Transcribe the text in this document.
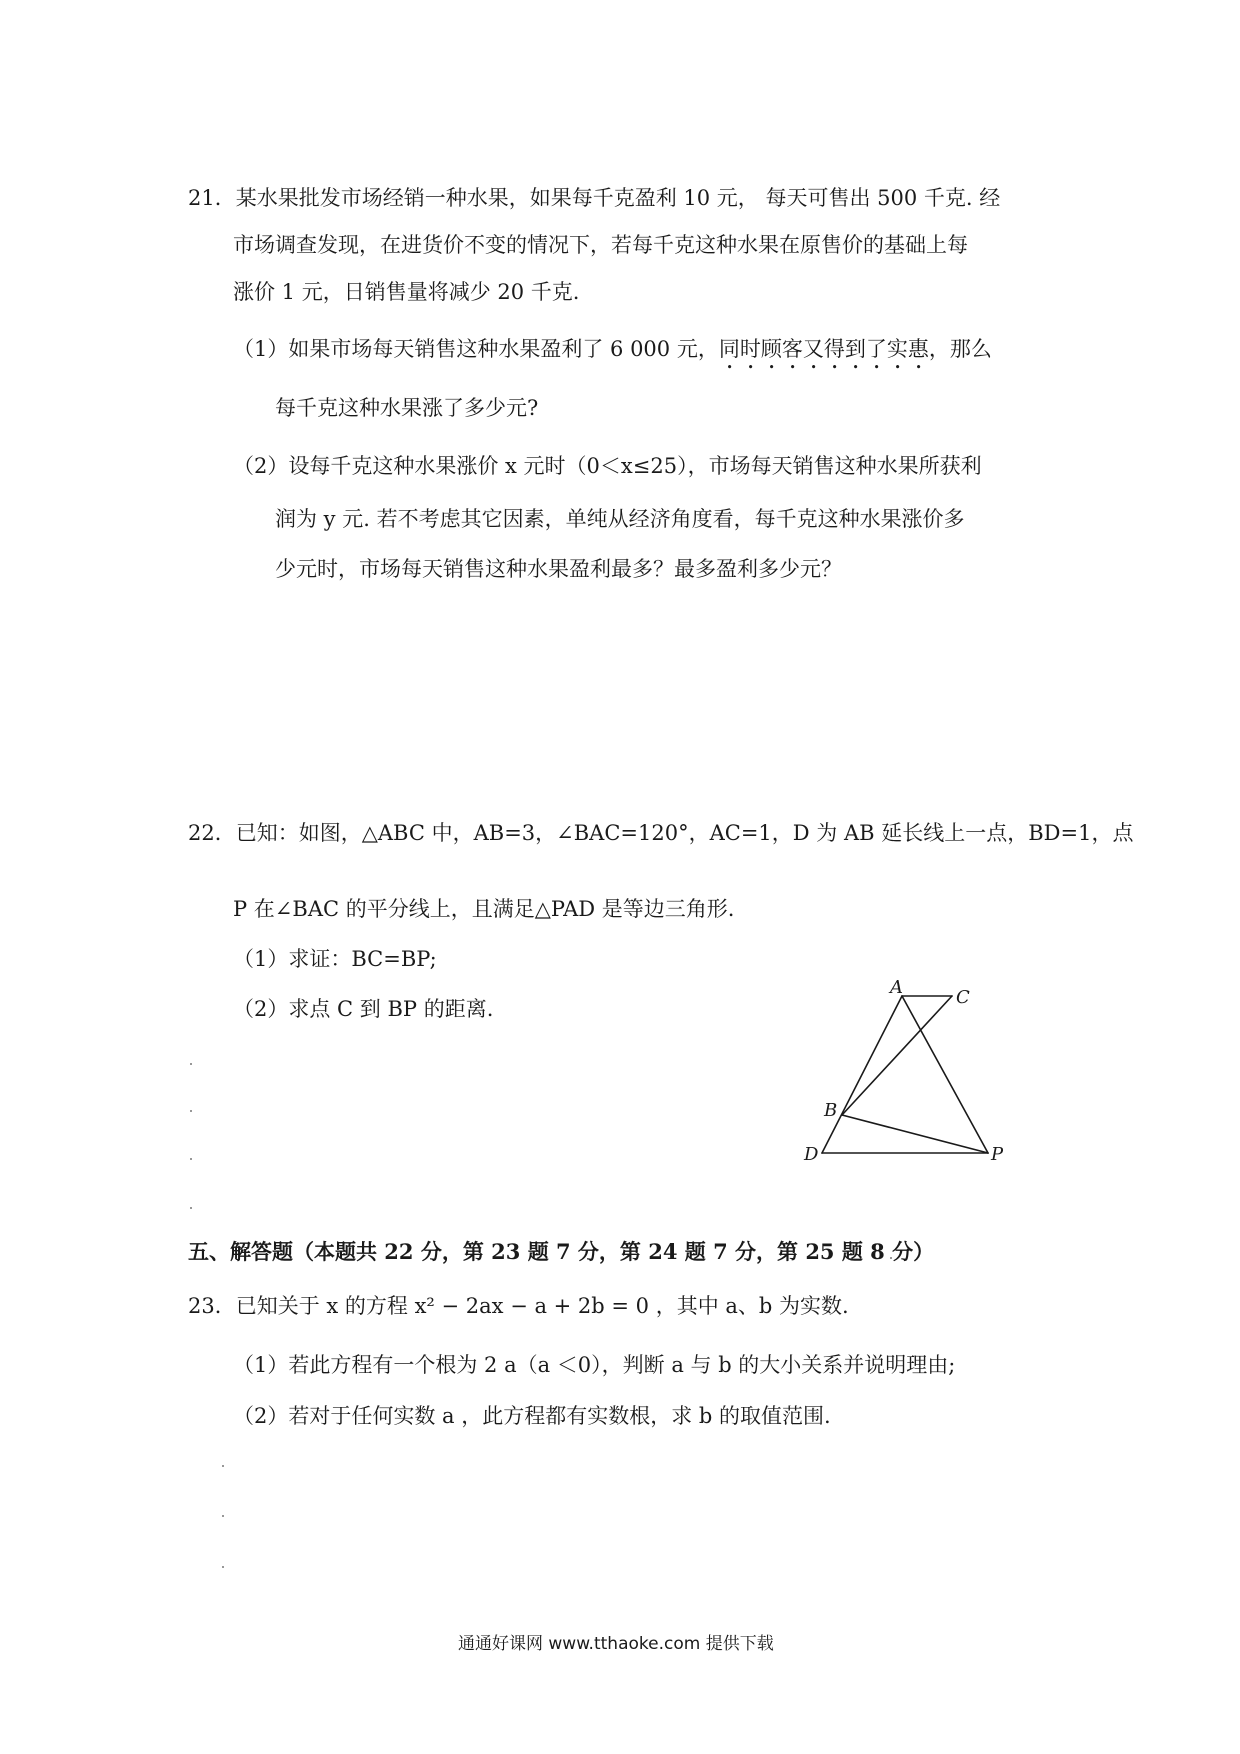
21．某水果批发市场经销一种水果，如果每千克盈利 10 元， 每天可售出 500 千克. 经
市场调查发现，在进货价不变的情况下，若每千克这种水果在原售价的基础上每
涨价 1 元，日销售量将减少 20 千克.
（1）如果市场每天销售这种水果盈利了 6 000 元，同时顾客又得到了实惠，那么
每千克这种水果涨了多少元?
（2）设每千克这种水果涨价 x 元时（0＜x≤25），市场每天销售这种水果所获利
润为 y 元. 若不考虑其它因素，单纯从经济角度看，每千克这种水果涨价多
少元时，市场每天销售这种水果盈利最多？最多盈利多少元？
22．已知：如图，△ABC 中，AB=3，∠BAC=120°，AC=1，D 为 AB 延长线上一点，BD=1，点
P 在∠BAC 的平分线上，且满足△PAD 是等边三角形.
（1）求证：BC=BP;
（2）求点 C 到 BP 的距离.
A	C
B
D	P
五、解答题（本题共 22 分，第 23 题 7 分，第 24 题 7 分，第 25 题 8 分）
23．已知关于 x 的方程 x² − 2ax − a + 2b = 0 ，其中 a、b 为实数.
（1）若此方程有一个根为 2 a（a ＜0），判断 a 与 b 的大小关系并说明理由;
（2）若对于任何实数 a ，此方程都有实数根，求 b 的取值范围.
通通好课网 www.tthaoke.com 提供下载
